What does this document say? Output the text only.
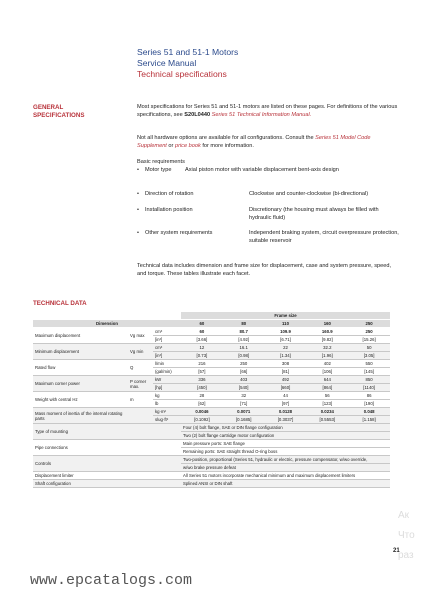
Series 51 and 51-1 Motors
Service Manual
Technical specifications
GENERAL
SPECIFICATIONS
Most specifications for Series 51 and 51-1 motors are listed on these pages. For definitions of the various specifications, see S20L0440 Series 51 Technical Information Manual.
Not all hardware options are available for all configurations. Consult the Series 51 Model Code Supplement or price book for more information.
Basic requirements
• Motor type Axial piston motor with variable displacement bent-axis design
• Direction of rotation	Clockwise and counter-clockwise (bi-directional)
• Installation position	Discretionary (the housing must always be filled with hydraulic fluid)
• Other system requirements	Independent braking system, circuit overpressure protection, suitable reservoir
Technical data includes dimension and frame size for displacement, case and system pressure, speed, and torque. These tables illustrate each facet.
TECHNICAL DATA
			Frame size				
Dimension			60	80	110	160	250
Maximum displacement	Vg max	cm³	60	80.7	109.9	160.9	250
		[in³]	[3.66]	[4.92]	[6.71]	[9.82]	[15.26]
Minimum displacement	Vg min	cm³	12	16.1	22	32.2	50
		[in³]	[0.73]	[0.98]	[1.34]	[1.96]	[3.05]
Rated flow	Q	l/min	216	250	308	402	550
		(gal/min)	[57]	[66]	[81]	[106]	[145]
Maximum corner power	P corner max.	kW	336	403	492	644	850
		[hp]	[450]	[540]	[660]	[864]	[1140]
Weight with central Hz	m	kg	28	32	44	56	86
		lb	[62]	[71]	[97]	[123]	[190]
Mass moment of inertia of the internal rotating parts		kg·m²	0.0046	0.0071	0.0128	0.0234	0.048
		slug·ft²	[0.1092]	[0.1685]	[0.3037]	[0.5553]	[1.158]
Type of mounting			Four (4) bolt flange, SAE or DIN flange configuration				
			Two (2) bolt flange cartridge motor configuration				
Pipe connections			Main pressure ports: SAE flange				
			Remaining ports: SAE straight thread O-ring boss				
Controls			Two-position, proportional (Series 51, hydraulic or electric, pressure compensator, w/wo override,				
			w/wo brake pressure defeat				
Displacement limiter			All Series 51 motors incorporate mechanical minimum and maximum displacement limiters				
Shaft configuration			Splined ANSI or DIN shaft				
21
www.epcatalogs.com
Ак
Что
раз
